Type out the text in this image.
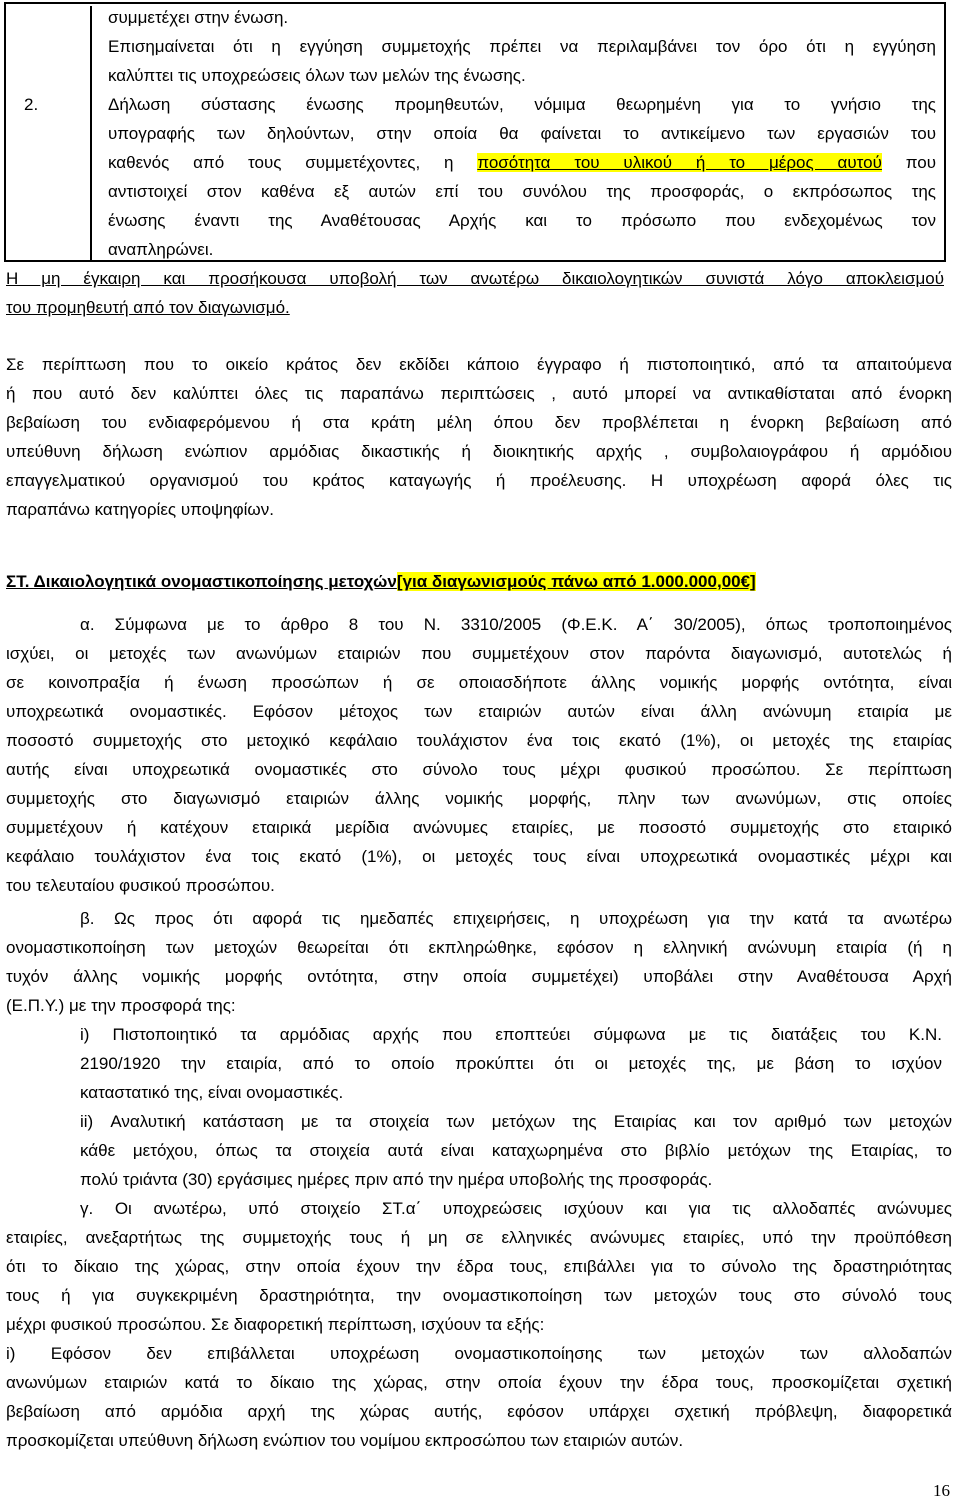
συμμετέχει στην ένωση.
Επισημαίνεται ότι η εγγύηση συμμετοχής πρέπει να περιλαμβάνει τον όρο ότι η εγγύηση
καλύπτει τις υποχρεώσεις όλων των μελών της ένωσης.
2.	Δήλωση σύστασης ένωσης προμηθευτών, νόμιμα θεωρημένη για το γνήσιο της
υπογραφής των δηλούντων, στην οποία θα φαίνεται το αντικείμενο των εργασιών του
καθενός από τους συμμετέχοντες, η ποσότητα του υλικού ή το μέρος αυτού που
αντιστοιχεί στον καθένα εξ αυτών επί του συνόλου της προσφοράς, ο εκπρόσωπος της
ένωσης έναντι της Αναθέτουσας Αρχής και το πρόσωπο που ενδεχομένως τον
αναπληρώνει.
Η μη έγκαιρη και προσήκουσα υποβολή των ανωτέρω δικαιολογητικών συνιστά λόγο αποκλεισμού
του προμηθευτή από τον διαγωνισμό.
Σε περίπτωση που το οικείο κράτος δεν εκδίδει κάποιο έγγραφο ή πιστοποιητικό, από τα απαιτούμενα
ή που αυτό δεν καλύπτει όλες τις παραπάνω περιπτώσεις , αυτό μπορεί να αντικαθίσταται από ένορκη
βεβαίωση του ενδιαφερόμενου ή στα κράτη μέλη όπου δεν προβλέπεται η ένορκη βεβαίωση από
υπεύθυνη δήλωση ενώπιον αρμόδιας δικαστικής ή διοικητικής αρχής , συμβολαιογράφου ή αρμόδιου
επαγγελματικού οργανισμού του κράτος καταγωγής ή προέλευσης. Η υποχρέωση αφορά όλες τις
παραπάνω κατηγορίες υποψηφίων.
ΣΤ. Δικαιολογητικά ονομαστικοποίησης μετοχών[για διαγωνισμούς πάνω από 1.000.000,00€]
α. Σύμφωνα με το άρθρο 8 του Ν. 3310/2005 (Φ.Ε.Κ. Α΄ 30/2005), όπως τροποποιημένος
ισχύει, οι μετοχές των ανωνύμων εταιριών που συμμετέχουν στον παρόντα διαγωνισμό, αυτοτελώς ή
σε κοινοπραξία ή ένωση προσώπων ή σε οποιασδήποτε άλλης νομικής μορφής οντότητα, είναι
υποχρεωτικά ονομαστικές. Εφόσον μέτοχος των εταιριών αυτών είναι άλλη ανώνυμη εταιρία με
ποσοστό συμμετοχής στο μετοχικό κεφάλαιο τουλάχιστον ένα τοις εκατό (1%), οι μετοχές της εταιρίας
αυτής είναι υποχρεωτικά ονομαστικές στο σύνολο τους μέχρι φυσικού προσώπου. Σε περίπτωση
συμμετοχής στο διαγωνισμό εταιριών άλλης νομικής μορφής, πλην των ανωνύμων, στις οποίες
συμμετέχουν ή κατέχουν εταιρικά μερίδια ανώνυμες εταιρίες, με ποσοστό συμμετοχής στο εταιρικό
κεφάλαιο τουλάχιστον ένα τοις εκατό (1%), οι μετοχές τους είναι υποχρεωτικά ονομαστικές μέχρι και
του τελευταίου φυσικού προσώπου.
β. Ως προς ότι αφορά τις ημεδαπές επιχειρήσεις, η υποχρέωση για την κατά τα ανωτέρω
ονομαστικοποίηση των μετοχών θεωρείται ότι εκπληρώθηκε, εφόσον η ελληνική ανώνυμη εταιρία (ή η
τυχόν άλλης νομικής μορφής οντότητα, στην οποία συμμετέχει) υποβάλει στην Αναθέτουσα Αρχή
(Ε.Π.Υ.) με την προσφορά της:
i) Πιστοποιητικό τα αρμόδιας αρχής που εποπτεύει σύμφωνα με τις διατάξεις του Κ.Ν.
2190/1920 την εταιρία, από το οποίο προκύπτει ότι οι μετοχές της, με βάση το ισχύον
καταστατικό της, είναι ονομαστικές.
ii) Αναλυτική κατάσταση με τα στοιχεία των μετόχων της Εταιρίας και τον αριθμό των μετοχών
κάθε μετόχου, όπως τα στοιχεία αυτά είναι καταχωρημένα στο βιβλίο μετόχων της Εταιρίας, το
πολύ τριάντα (30) εργάσιμες ημέρες πριν από την ημέρα υποβολής της προσφοράς.
γ. Οι ανωτέρω, υπό στοιχείο ΣΤ.α΄ υποχρεώσεις ισχύουν και για τις αλλοδαπές ανώνυμες
εταιρίες, ανεξαρτήτως της συμμετοχής τους ή μη σε ελληνικές ανώνυμες εταιρίες, υπό την προϋπόθεση
ότι το δίκαιο της χώρας, στην οποία έχουν την έδρα τους, επιβάλλει για το σύνολο της δραστηριότητας
τους ή για συγκεκριμένη δραστηριότητα, την ονομαστικοποίηση των μετοχών τους στο σύνολό τους
μέχρι φυσικού προσώπου. Σε διαφορετική περίπτωση, ισχύουν τα εξής:
i) Εφόσον δεν επιβάλλεται υποχρέωση ονομαστικοποίησης των μετοχών των αλλοδαπών
ανωνύμων εταιριών κατά το δίκαιο της χώρας, στην οποία έχουν την έδρα τους, προσκομίζεται σχετική
βεβαίωση από αρμόδια αρχή της χώρας αυτής, εφόσον υπάρχει σχετική πρόβλεψη, διαφορετικά
προσκομίζεται υπεύθυνη δήλωση ενώπιον του νομίμου εκπροσώπου των εταιριών αυτών.
16
